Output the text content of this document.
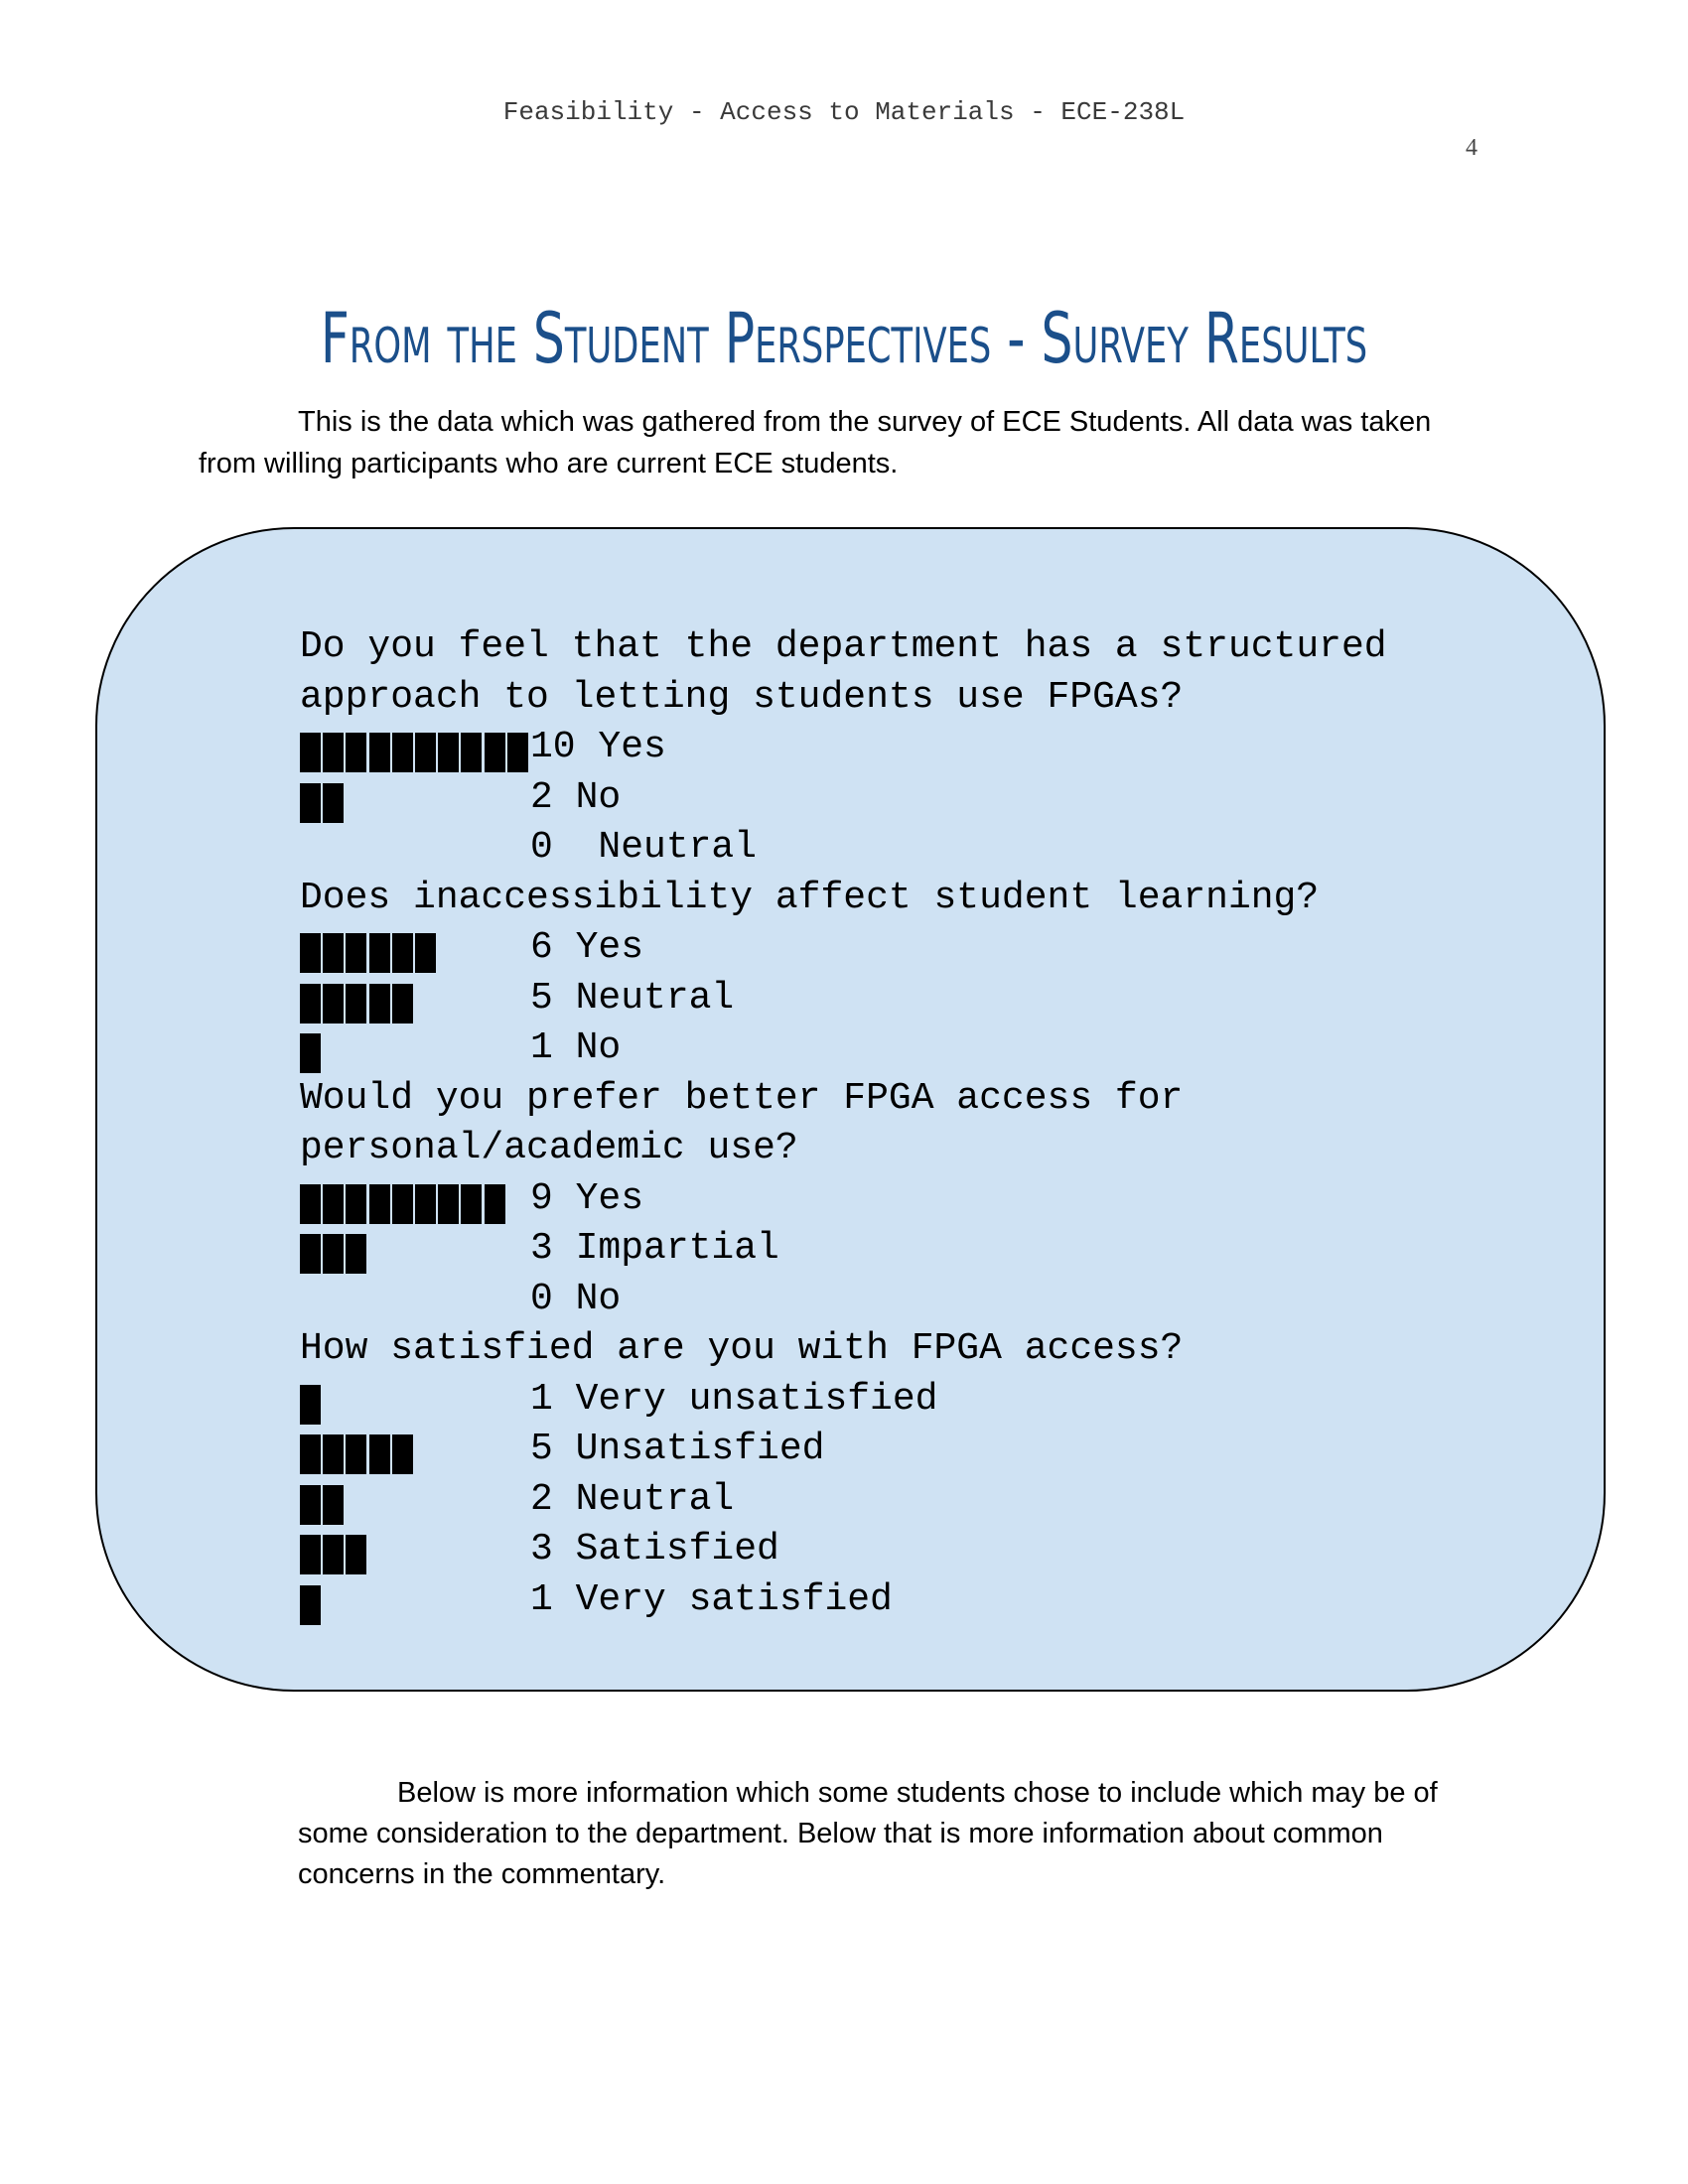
Feasibility - Access to Materials - ECE-238L
4
From the Student Perspectives - Survey Results

This is the data which was gathered from the survey of ECE Students. All data was taken from willing participants who are current ECE students.

Do you feel that the department has a structured
approach to letting students use FPGAs?
10 Yes
2 No
0  Neutral
Does inaccessibility affect student learning?
6 Yes
5 Neutral
1 No
Would you prefer better FPGA access for
personal/academic use?
9 Yes
3 Impartial
0 No
How satisfied are you with FPGA access?
1 Very unsatisfied
5 Unsatisfied
2 Neutral
3 Satisfied
1 Very satisfied

Below is more information which some students chose to include which may be of some consideration to the department. Below that is more information about common concerns in the commentary.
